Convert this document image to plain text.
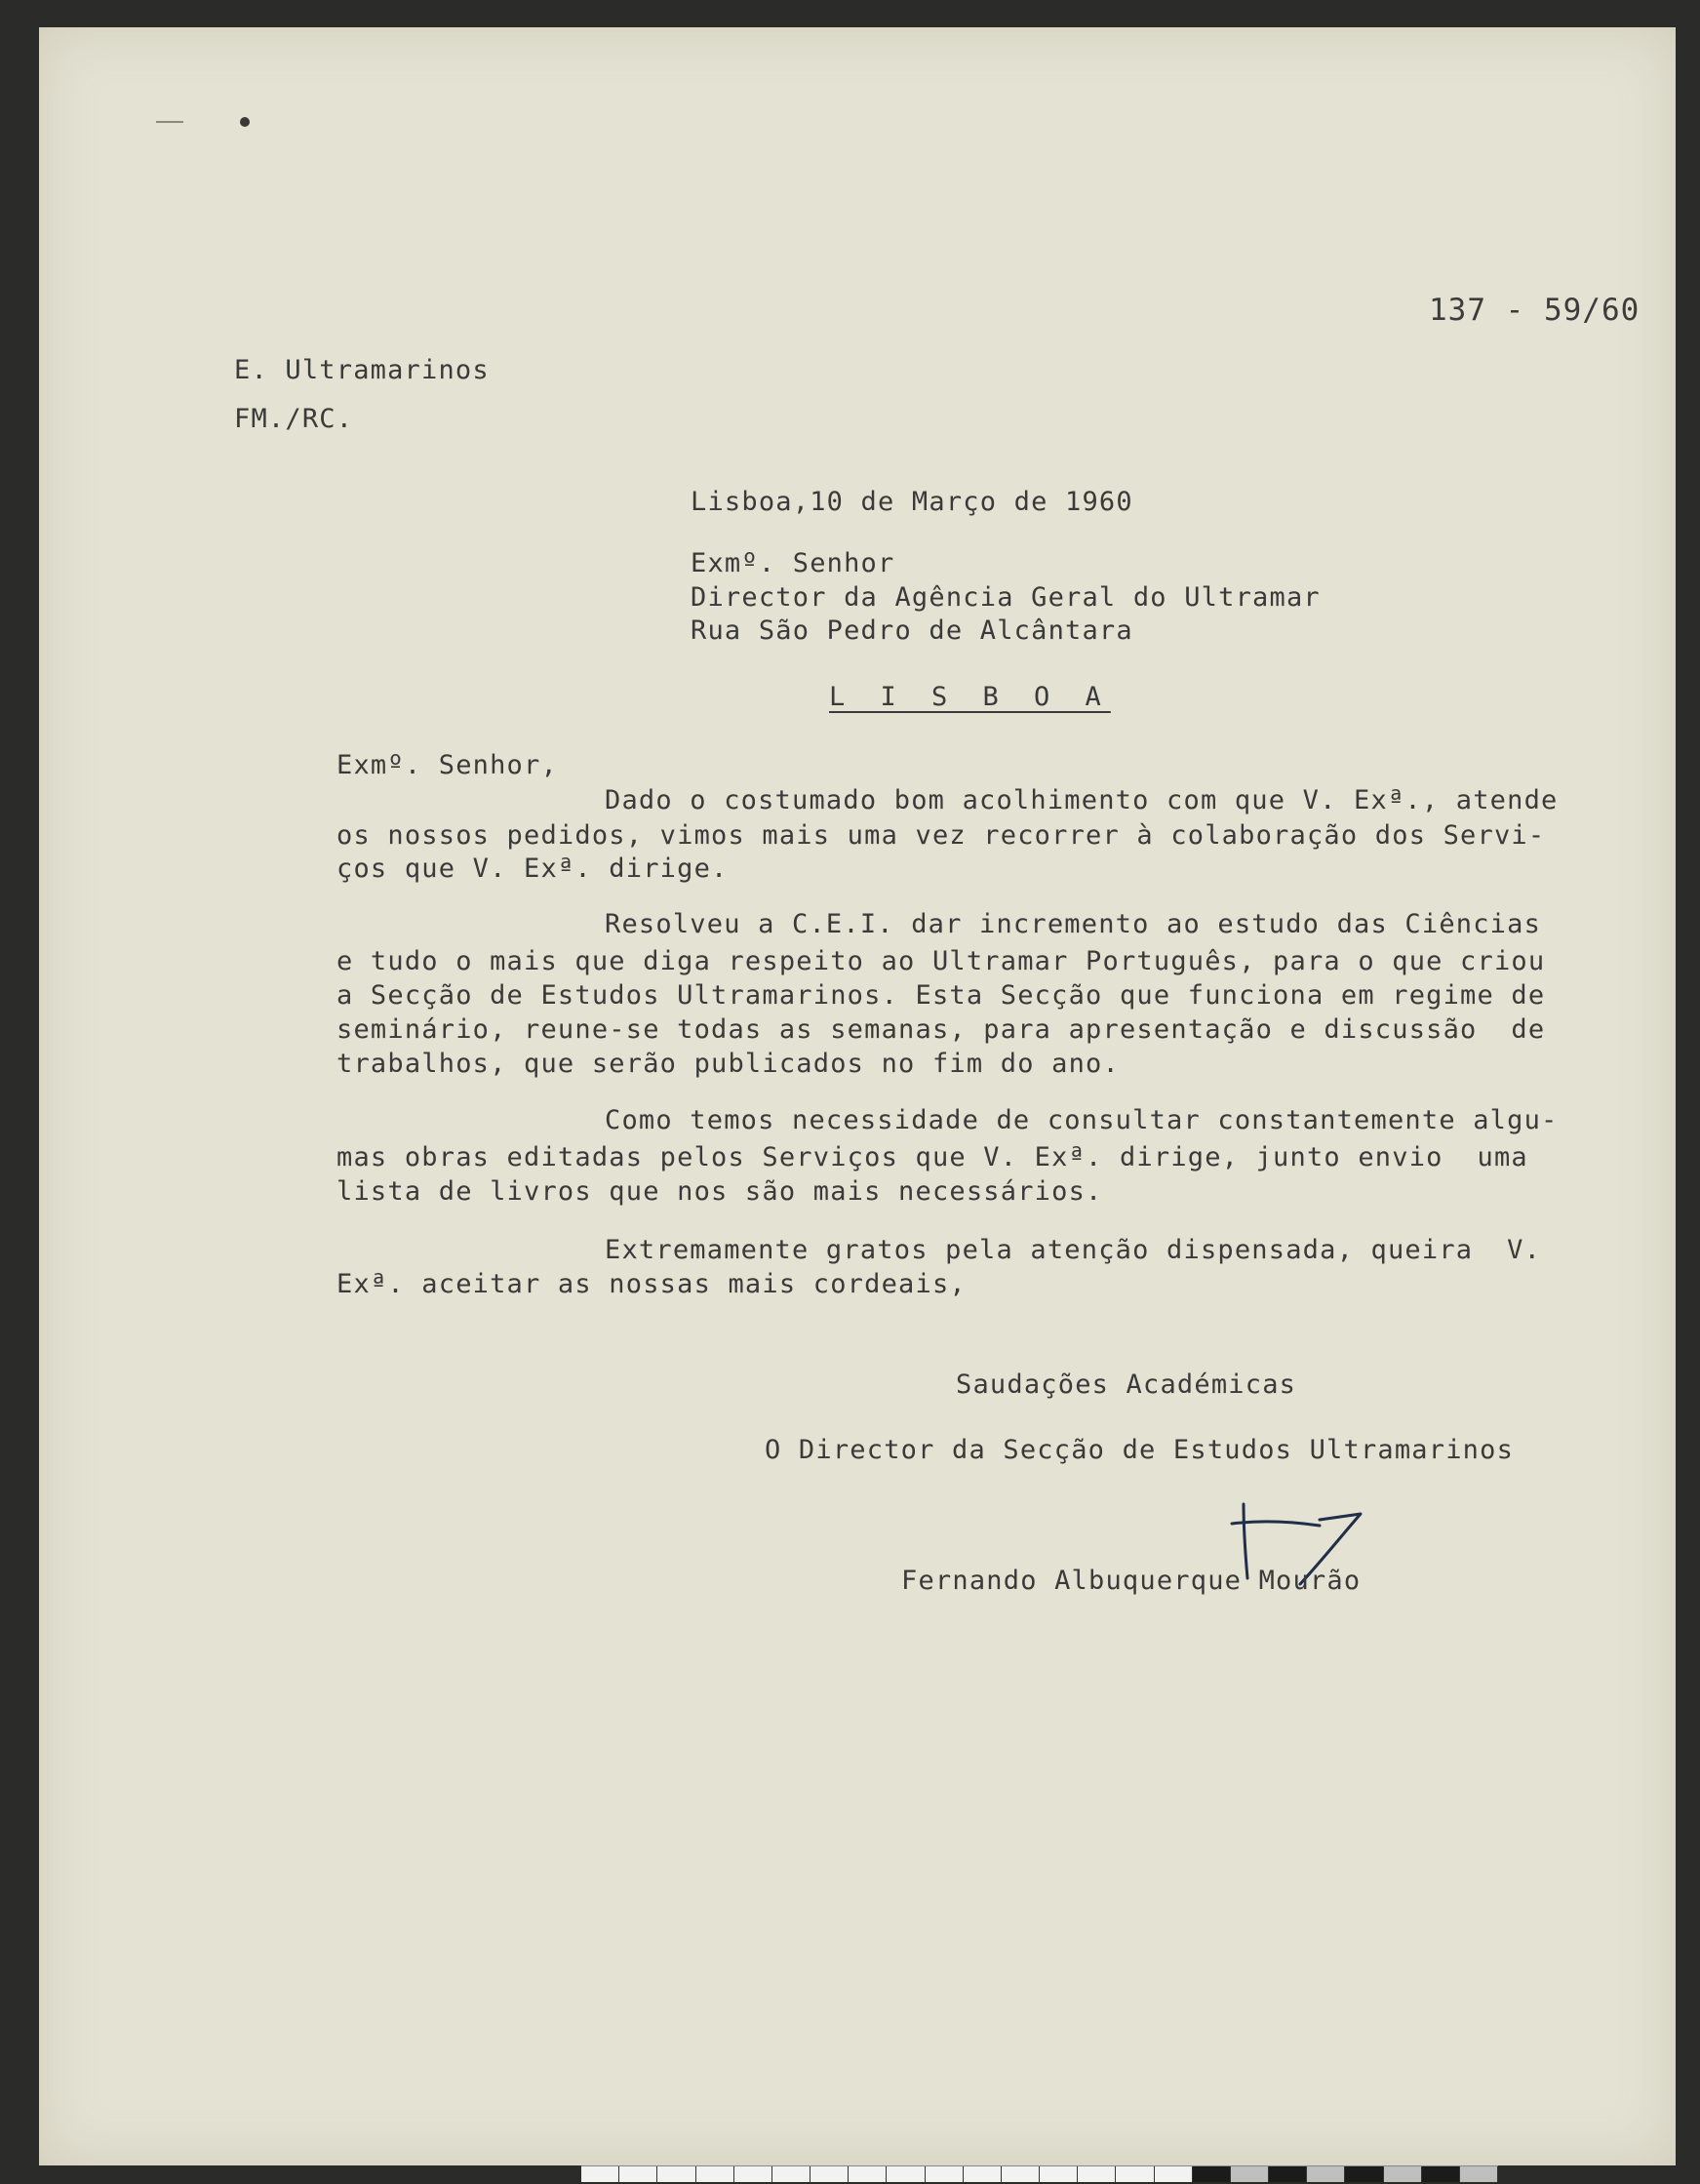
137 - 59/60
E. Ultramarinos
FM./RC.
Lisboa,10 de Março de 1960
Exmº. Senhor
Director da Agência Geral do Ultramar
Rua São Pedro de Alcântara
L I S B O A
Exmº. Senhor,
Dado o costumado bom acolhimento com que V. Exª., atende
os nossos pedidos, vimos mais uma vez recorrer à colaboração dos Servi-
ços que V. Exª. dirige.
Resolveu a C.E.I. dar incremento ao estudo das Ciências
e tudo o mais que diga respeito ao Ultramar Português, para o que criou
a Secção de Estudos Ultramarinos. Esta Secção que funciona em regime de
seminário, reune-se todas as semanas, para apresentação e discussão  de
trabalhos, que serão publicados no fim do ano.
Como temos necessidade de consultar constantemente algu-
mas obras editadas pelos Serviços que V. Exª. dirige, junto envio  uma
lista de livros que nos são mais necessários.
Extremamente gratos pela atenção dispensada, queira  V.
Exª. aceitar as nossas mais cordeais,
Saudações Académicas
O Director da Secção de Estudos Ultramarinos
Fernando Albuquerque Mourão
